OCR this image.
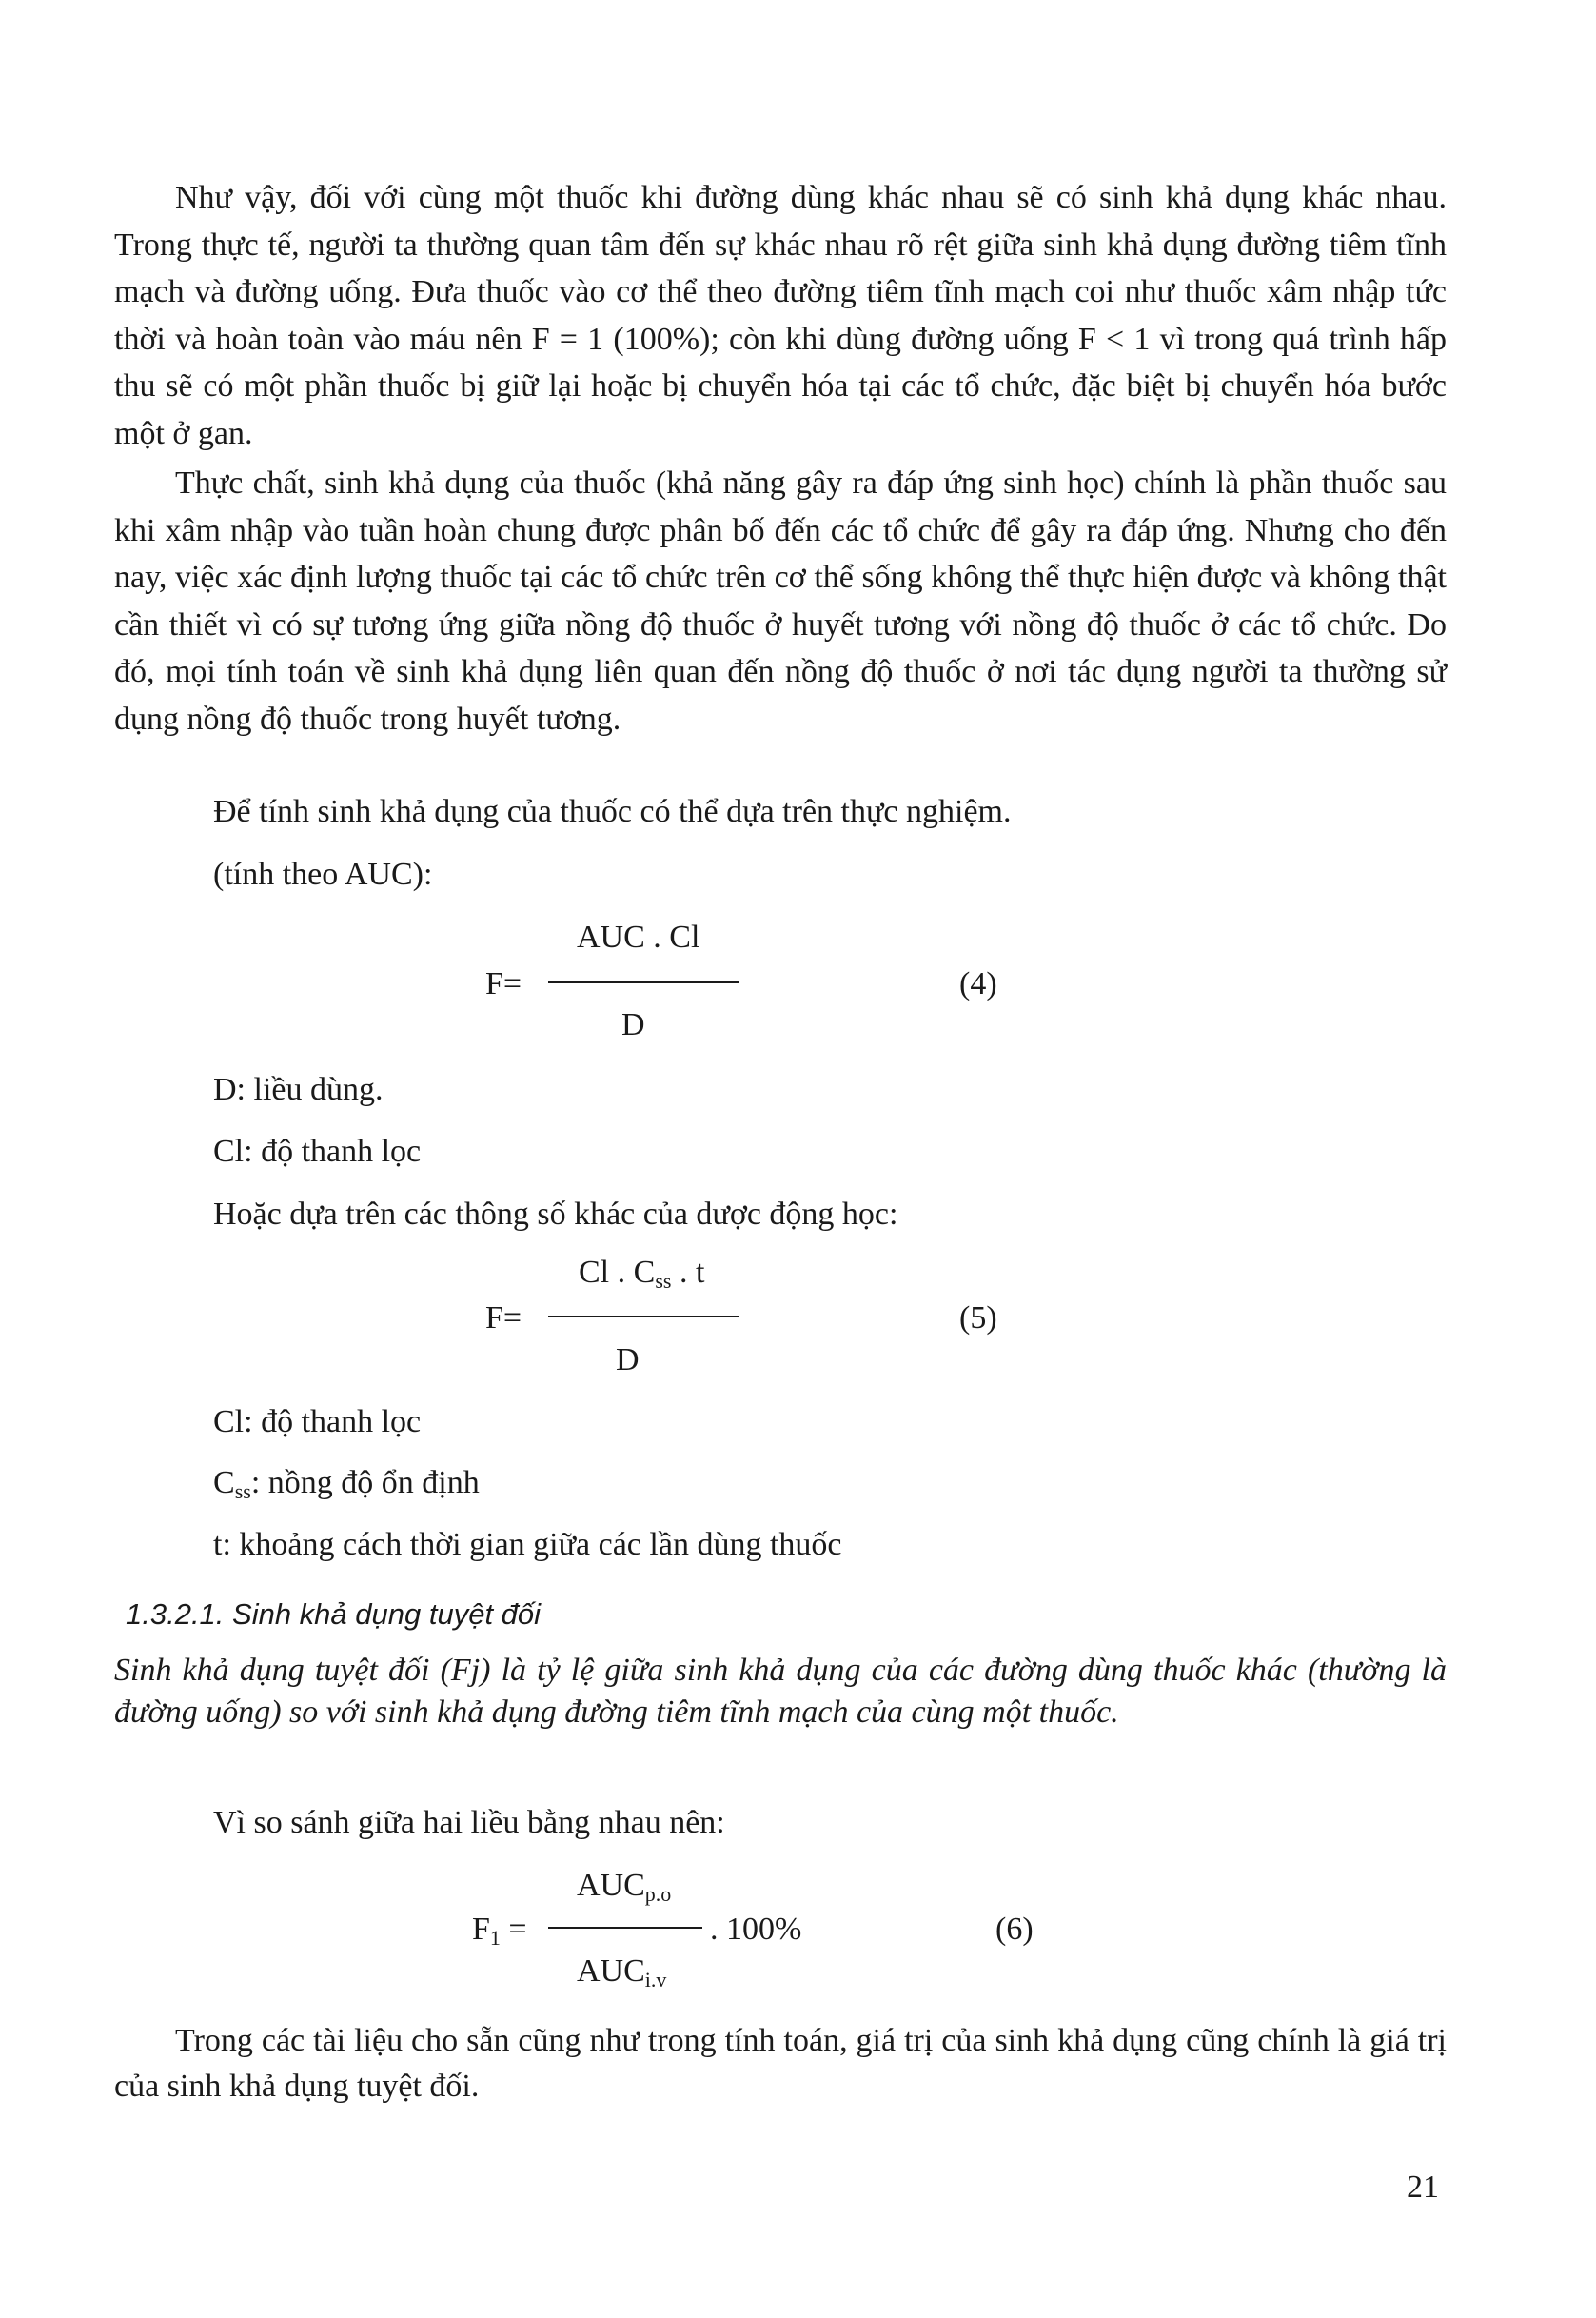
Như vậy, đối với cùng một thuốc khi đường dùng khác nhau sẽ có sinh khả dụng khác nhau. Trong thực tế, người ta thường quan tâm đến sự khác nhau rõ rệt giữa sinh khả dụng đường tiêm tĩnh mạch và đường uống. Đưa thuốc vào cơ thể theo đường tiêm tĩnh mạch coi như thuốc xâm nhập tức thời và hoàn toàn vào máu nên F = 1 (100%); còn khi dùng đường uống F < 1 vì trong quá trình hấp thu sẽ có một phần thuốc bị giữ lại hoặc bị chuyển hóa tại các tổ chức, đặc biệt bị chuyển hóa bước một ở gan.

Thực chất, sinh khả dụng của thuốc (khả năng gây ra đáp ứng sinh học) chính là phần thuốc sau khi xâm nhập vào tuần hoàn chung được phân bố đến các tổ chức để gây ra đáp ứng. Nhưng cho đến nay, việc xác định lượng thuốc tại các tổ chức trên cơ thể sống không thể thực hiện được và không thật cần thiết vì có sự tương ứng giữa nồng độ thuốc ở huyết tương với nồng độ thuốc ở các tổ chức. Do đó, mọi tính toán về sinh khả dụng liên quan đến nồng độ thuốc ở nơi tác dụng người ta thường sử dụng nồng độ thuốc trong huyết tương.

Để tính sinh khả dụng của thuốc có thể dựa trên thực nghiệm.
(tính theo AUC):
AUC . Cl
F=	(4)
D
D: liều dùng.
Cl: độ thanh lọc
Hoặc dựa trên các thông số khác của dược động học:
Cl . $C_{ss}$ . t
F=	(5)
D
Cl: độ thanh lọc
$C_{ss}$: nồng độ ổn định
t: khoảng cách thời gian giữa các lần dùng thuốc
1.3.2.1. Sinh khả dụng tuyệt đối

Sinh khả dụng tuyệt đối (Fj) là tỷ lệ giữa sinh khả dụng của các đường dùng thuốc khác (thường là đường uống) so với sinh khả dụng đường tiêm tĩnh mạch của cùng một thuốc.

Vì so sánh giữa hai liều bằng nhau nên:
$AUC_{p.o}$
$F_1$ =	. 100%	(6)
$AUC_{i.v}$

Trong các tài liệu cho sẵn cũng như trong tính toán, giá trị của sinh khả dụng cũng chính là giá trị của sinh khả dụng tuyệt đối.

21
